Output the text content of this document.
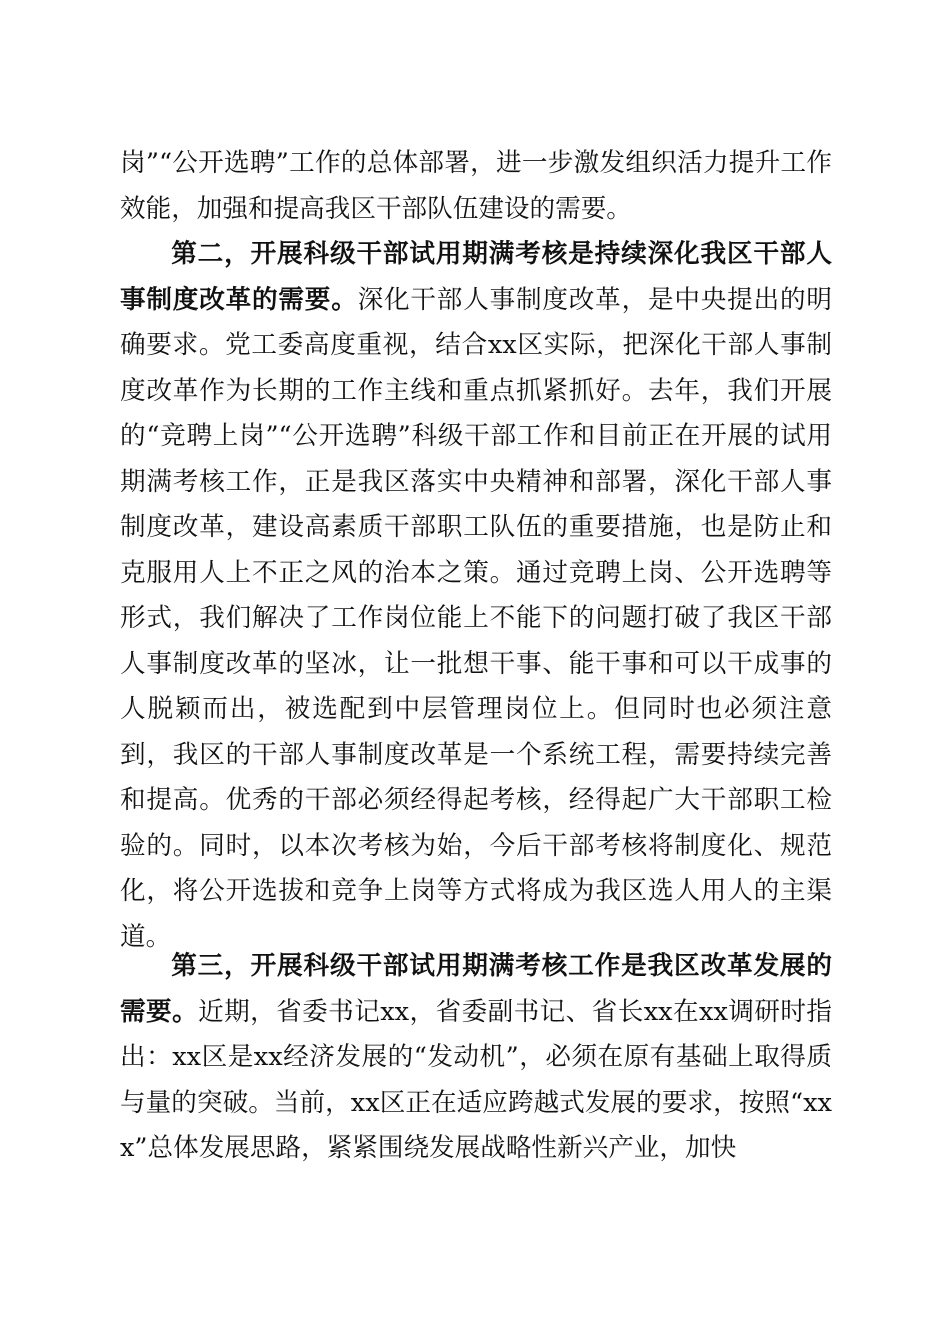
岗”“公开选聘”工作的总体部署，进一步激发组织活力提升工作效能，加强和提高我区干部队伍建设的需要。

第二，开展科级干部试用期满考核是持续深化我区干部人事制度改革的需要。深化干部人事制度改革，是中央提出的明确要求。党工委高度重视，结合xx区实际，把深化干部人事制度改革作为长期的工作主线和重点抓紧抓好。去年，我们开展的“竞聘上岗”“公开选聘”科级干部工作和目前正在开展的试用期满考核工作，正是我区落实中央精神和部署，深化干部人事制度改革，建设高素质干部职工队伍的重要措施，也是防止和克服用人上不正之风的治本之策。通过竞聘上岗、公开选聘等形式，我们解决了工作岗位能上不能下的问题打破了我区干部人事制度改革的坚冰，让一批想干事、能干事和可以干成事的人脱颖而出，被选配到中层管理岗位上。但同时也必须注意到，我区的干部人事制度改革是一个系统工程，需要持续完善和提高。优秀的干部必须经得起考核，经得起广大干部职工检验的。同时，以本次考核为始，今后干部考核将制度化、规范化，将公开选拔和竞争上岗等方式将成为我区选人用人的主渠道。

第三，开展科级干部试用期满考核工作是我区改革发展的需要。近期，省委书记xx，省委副书记、省长xx在xx调研时指出：xx区是xx经济发展的“发动机”，必须在原有基础上取得质与量的突破。当前，xx区正在适应跨越式发展的要求，按照“xxx”总体发展思路，紧紧围绕发展战略性新兴产业，加快
